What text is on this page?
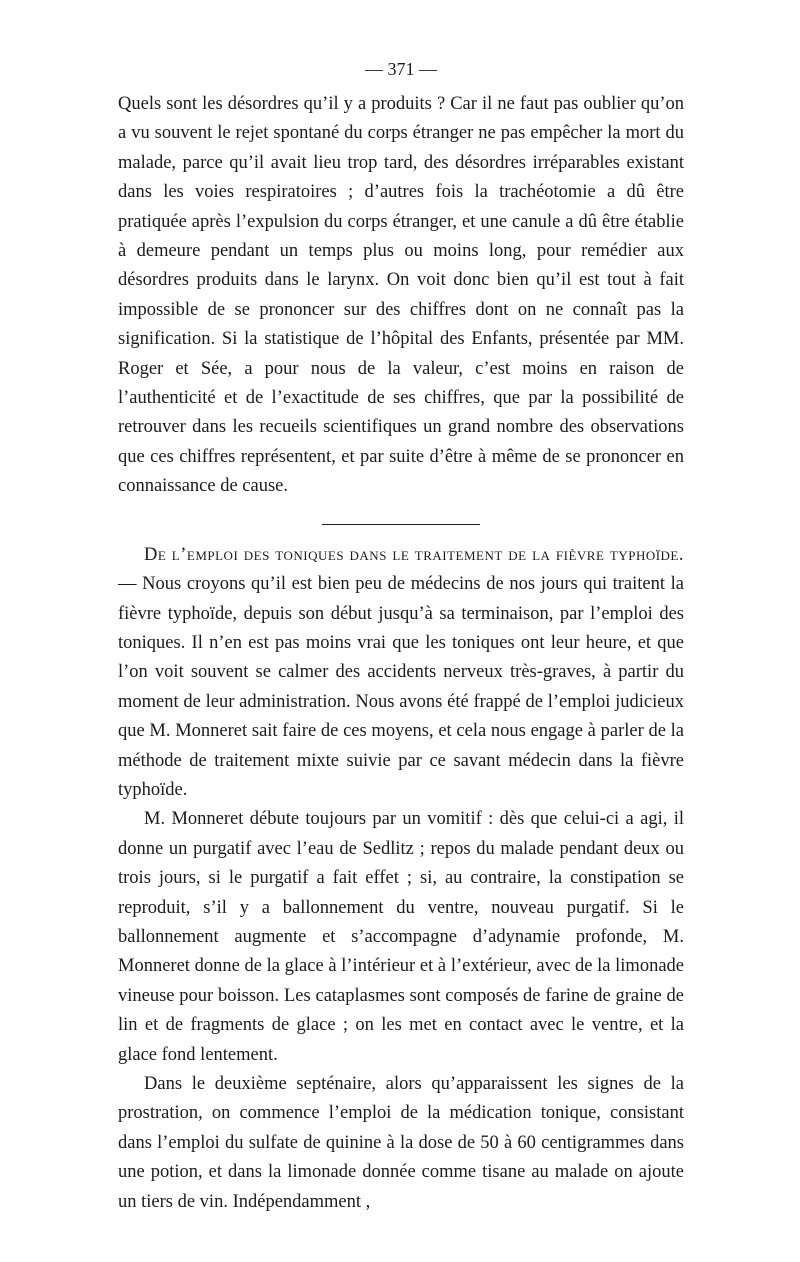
— 371 —

Quels sont les désordres qu’il y a produits ? Car il ne faut pas oublier qu’on a vu souvent le rejet spontané du corps étranger ne pas empêcher la mort du malade, parce qu’il avait lieu trop tard, des désordres irréparables existant dans les voies respiratoires ; d’autres fois la trachéotomie a dû être pratiquée après l’expulsion du corps étranger, et une canule a dû être établie à demeure pendant un temps plus ou moins long, pour remédier aux désordres produits dans le larynx. On voit donc bien qu’il est tout à fait impossible de se prononcer sur des chiffres dont on ne connaît pas la signification. Si la statistique de l’hôpital des Enfants, présentée par MM. Roger et Sée, a pour nous de la valeur, c’est moins en raison de l’authenticité et de l’exactitude de ses chiffres, que par la possibilité de retrouver dans les recueils scientifiques un grand nombre des observations que ces chiffres représentent, et par suite d’être à même de se prononcer en connaissance de cause.

De l’emploi des toniques dans le traitement de la fièvre typhoïde. — Nous croyons qu’il est bien peu de médecins de nos jours qui traitent la fièvre typhoïde, depuis son début jusqu’à sa terminaison, par l’emploi des toniques. Il n’en est pas moins vrai que les toniques ont leur heure, et que l’on voit souvent se calmer des accidents nerveux très-graves, à partir du moment de leur administration. Nous avons été frappé de l’emploi judicieux que M. Monneret sait faire de ces moyens, et cela nous engage à parler de la méthode de traitement mixte suivie par ce savant médecin dans la fièvre typhoïde.

M. Monneret débute toujours par un vomitif : dès que celui-ci a agi, il donne un purgatif avec l’eau de Sedlitz ; repos du malade pendant deux ou trois jours, si le purgatif a fait effet ; si, au contraire, la constipation se reproduit, s’il y a ballonnement du ventre, nouveau purgatif. Si le ballonnement augmente et s’accompagne d’adynamie profonde, M. Monneret donne de la glace à l’intérieur et à l’extérieur, avec de la limonade vineuse pour boisson. Les cataplasmes sont composés de farine de graine de lin et de fragments de glace ; on les met en contact avec le ventre, et la glace fond lentement.

Dans le deuxième septénaire, alors qu’apparaissent les signes de la prostration, on commence l’emploi de la médication tonique, consistant dans l’emploi du sulfate de quinine à la dose de 50 à 60 centigrammes dans une potion, et dans la limonade donnée comme tisane au malade on ajoute un tiers de vin. Indépendamment ,
